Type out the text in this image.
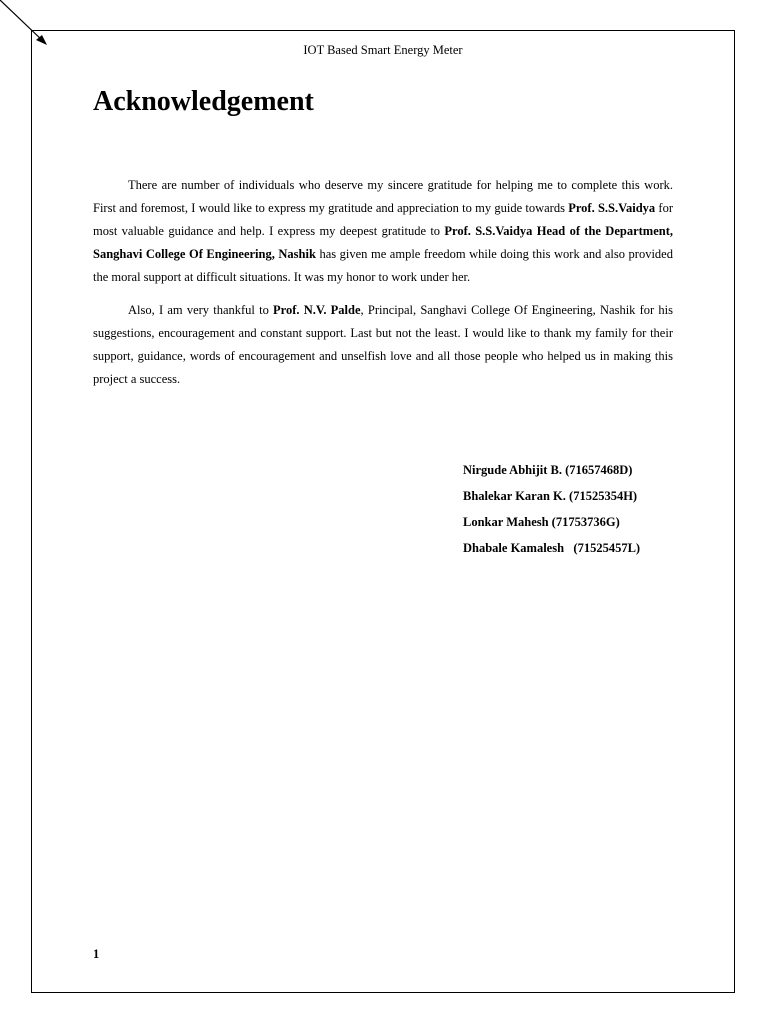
IOT Based Smart Energy Meter
Acknowledgement

There are number of individuals who deserve my sincere gratitude for helping me to complete this work. First and foremost, I would like to express my gratitude and appreciation to my guide towards Prof. S.S.Vaidya for most valuable guidance and help. I express my deepest gratitude to Prof. S.S.Vaidya Head of the Department, Sanghavi College Of Engineering, Nashik has given me ample freedom while doing this work and also provided the moral support at difficult situations. It was my honor to work under her.

Also, I am very thankful to Prof. N.V. Palde, Principal, Sanghavi College Of Engineering, Nashik for his suggestions, encouragement and constant support. Last but not the least. I would like to thank my family for their support, guidance, words of encouragement and unselfish love and all those people who helped us in making this project a success.

Nirgude Abhijit B. (71657468D)
Bhalekar Karan K. (71525354H)
Lonkar Mahesh (71753736G)
Dhabale Kamalesh   (71525457L)
1
